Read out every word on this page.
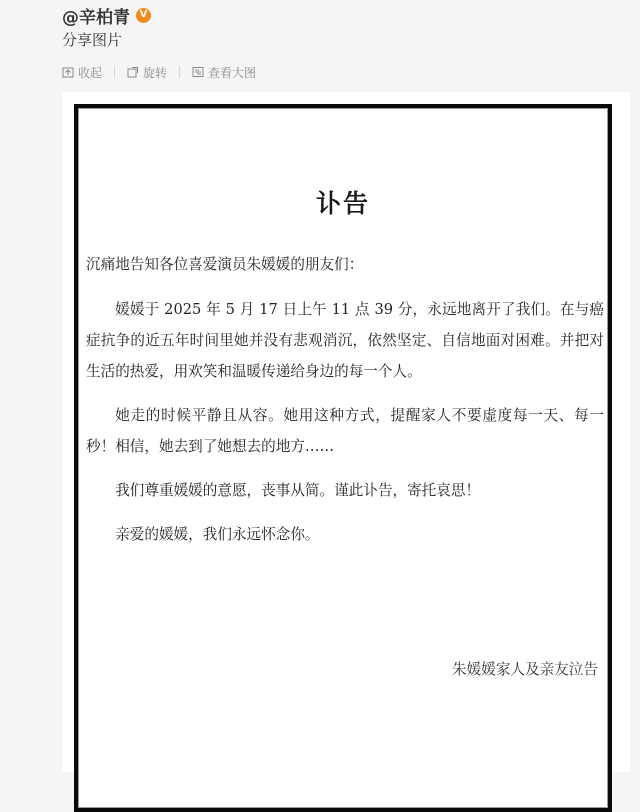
@辛柏青 V
分享图片
收起	旋转	查看大图
讣告

沉痛地告知各位喜爱演员朱媛媛的朋友们：

媛媛于 2025 年 5 月 17 日上午 11 点 39 分，永远地离开了我们。在与癌症抗争的近五年时间里她并没有悲观消沉，依然坚定、自信地面对困难。并把对生活的热爱，用欢笑和温暖传递给身边的每一个人。

她走的时候平静且从容。她用这种方式，提醒家人不要虚度每一天、每一秒！相信，她去到了她想去的地方……

我们尊重媛媛的意愿，丧事从简。谨此讣告，寄托哀思！

亲爱的媛媛，我们永远怀念你。

朱媛媛家人及亲友泣告
